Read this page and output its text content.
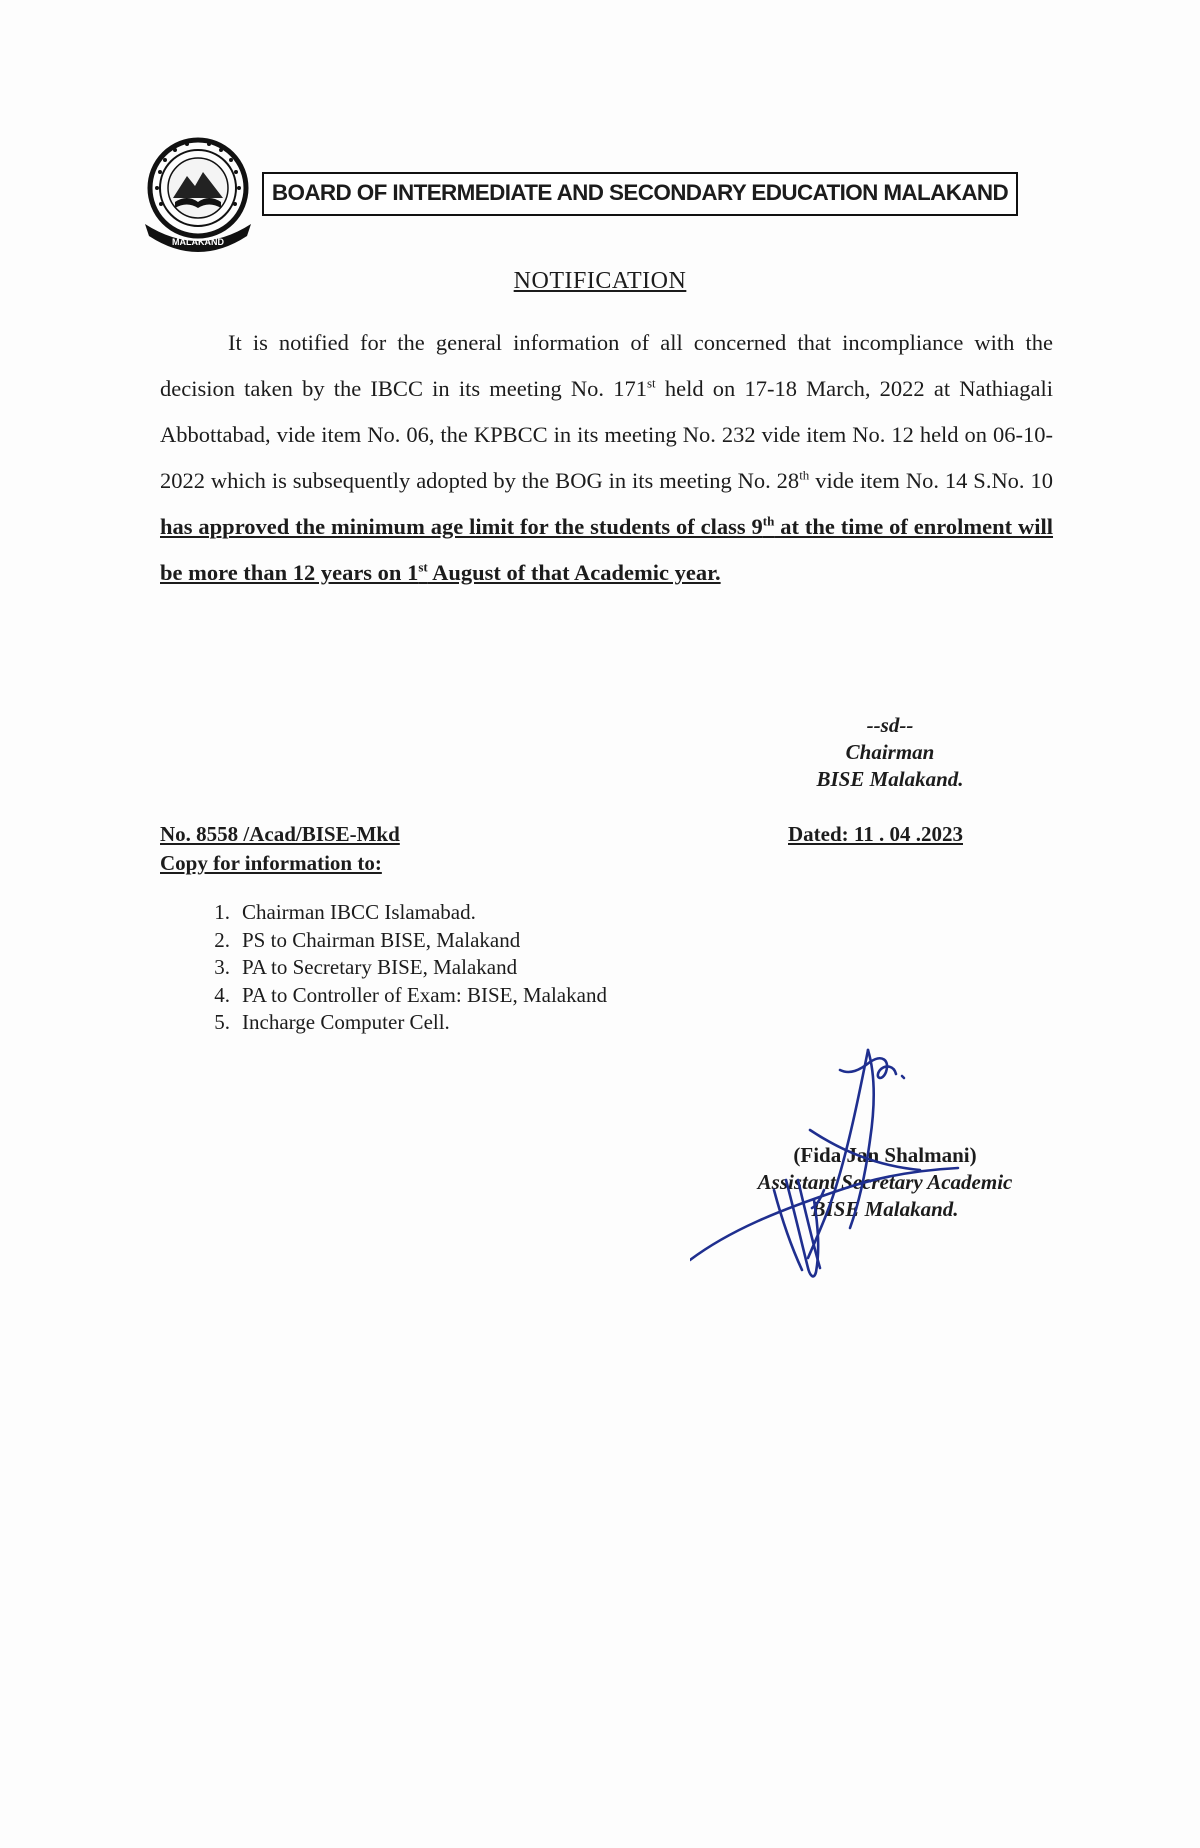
MALAKAND
BOARD OF INTERMEDIATE AND SECONDARY EDUCATION MALAKAND
NOTIFICATION

It is notified for the general information of all concerned that incompliance with the decision taken by the IBCC in its meeting No. 171st held on 17-18 March, 2022 at Nathiagali Abbottabad, vide item No. 06, the KPBCC in its meeting No. 232 vide item No. 12 held on 06-10-2022 which is subsequently adopted by the BOG in its meeting No. 28th vide item No. 14 S.No. 10 has approved the minimum age limit for the students of class 9th at the time of enrolment will be more than 12 years on 1st August of that Academic year.

--sd--
Chairman
BISE Malakand.
No. 8558 /Acad/BISE-Mkd	Dated: 11 . 04 .2023
Copy for information to:
1. Chairman IBCC Islamabad.
2. PS to Chairman BISE, Malakand
3. PA to Secretary BISE, Malakand
4. PA to Controller of Exam: BISE, Malakand
5. Incharge Computer Cell.
(Fida Jan Shalmani)
Assistant Secretary Academic
BISE Malakand.
